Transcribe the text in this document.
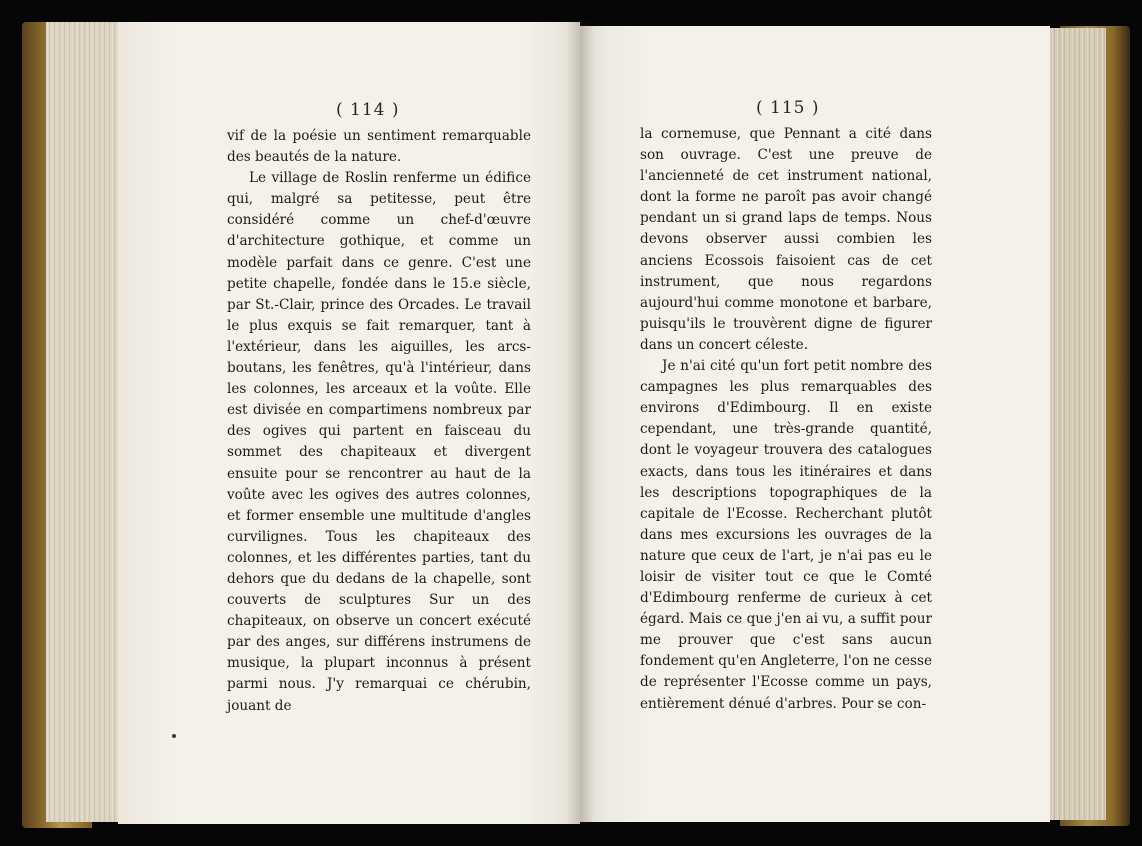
( 114 )

vif de la poésie un sentiment remarquable des beautés de la nature.

Le village de Roslin renferme un édifice qui, malgré sa petitesse, peut être considéré comme un chef-d'œuvre d'architecture gothique, et comme un modèle parfait dans ce genre. C'est une petite chapelle, fondée dans le 15.e siècle, par St.-Clair, prince des Orcades. Le travail le plus exquis se fait remarquer, tant à l'extérieur, dans les aiguilles, les arcs-boutans, les fenêtres, qu'à l'intérieur, dans les colonnes, les arceaux et la voûte. Elle est divisée en compartimens nombreux par des ogives qui partent en faisceau du sommet des chapiteaux et divergent ensuite pour se rencontrer au haut de la voûte avec les ogives des autres colonnes, et former ensemble une multitude d'angles curvilignes. Tous les chapiteaux des colonnes, et les différentes parties, tant du dehors que du dedans de la chapelle, sont couverts de sculptures Sur un des chapiteaux, on observe un concert exécuté par des anges, sur différens instrumens de musique, la plupart inconnus à présent parmi nous. J'y remarquai ce chérubin, jouant de

( 115 )

la cornemuse, que Pennant a cité dans son ouvrage. C'est une preuve de l'ancienneté de cet instrument national, dont la forme ne paroît pas avoir changé pendant un si grand laps de temps. Nous devons observer aussi combien les anciens Ecossois faisoient cas de cet instrument, que nous regardons aujourd'hui comme monotone et barbare, puisqu'ils le trouvèrent digne de figurer dans un concert céleste.

Je n'ai cité qu'un fort petit nombre des campagnes les plus remarquables des environs d'Edimbourg. Il en existe cependant, une très-grande quantité, dont le voyageur trouvera des catalogues exacts, dans tous les itinéraires et dans les descriptions topographiques de la capitale de l'Ecosse. Recherchant plutôt dans mes excursions les ouvrages de la nature que ceux de l'art, je n'ai pas eu le loisir de visiter tout ce que le Comté d'Edimbourg renferme de curieux à cet égard. Mais ce que j'en ai vu, a suffit pour me prouver que c'est sans aucun fondement qu'en Angleterre, l'on ne cesse de représenter l'Ecosse comme un pays, entièrement dénué d'arbres. Pour se con-
